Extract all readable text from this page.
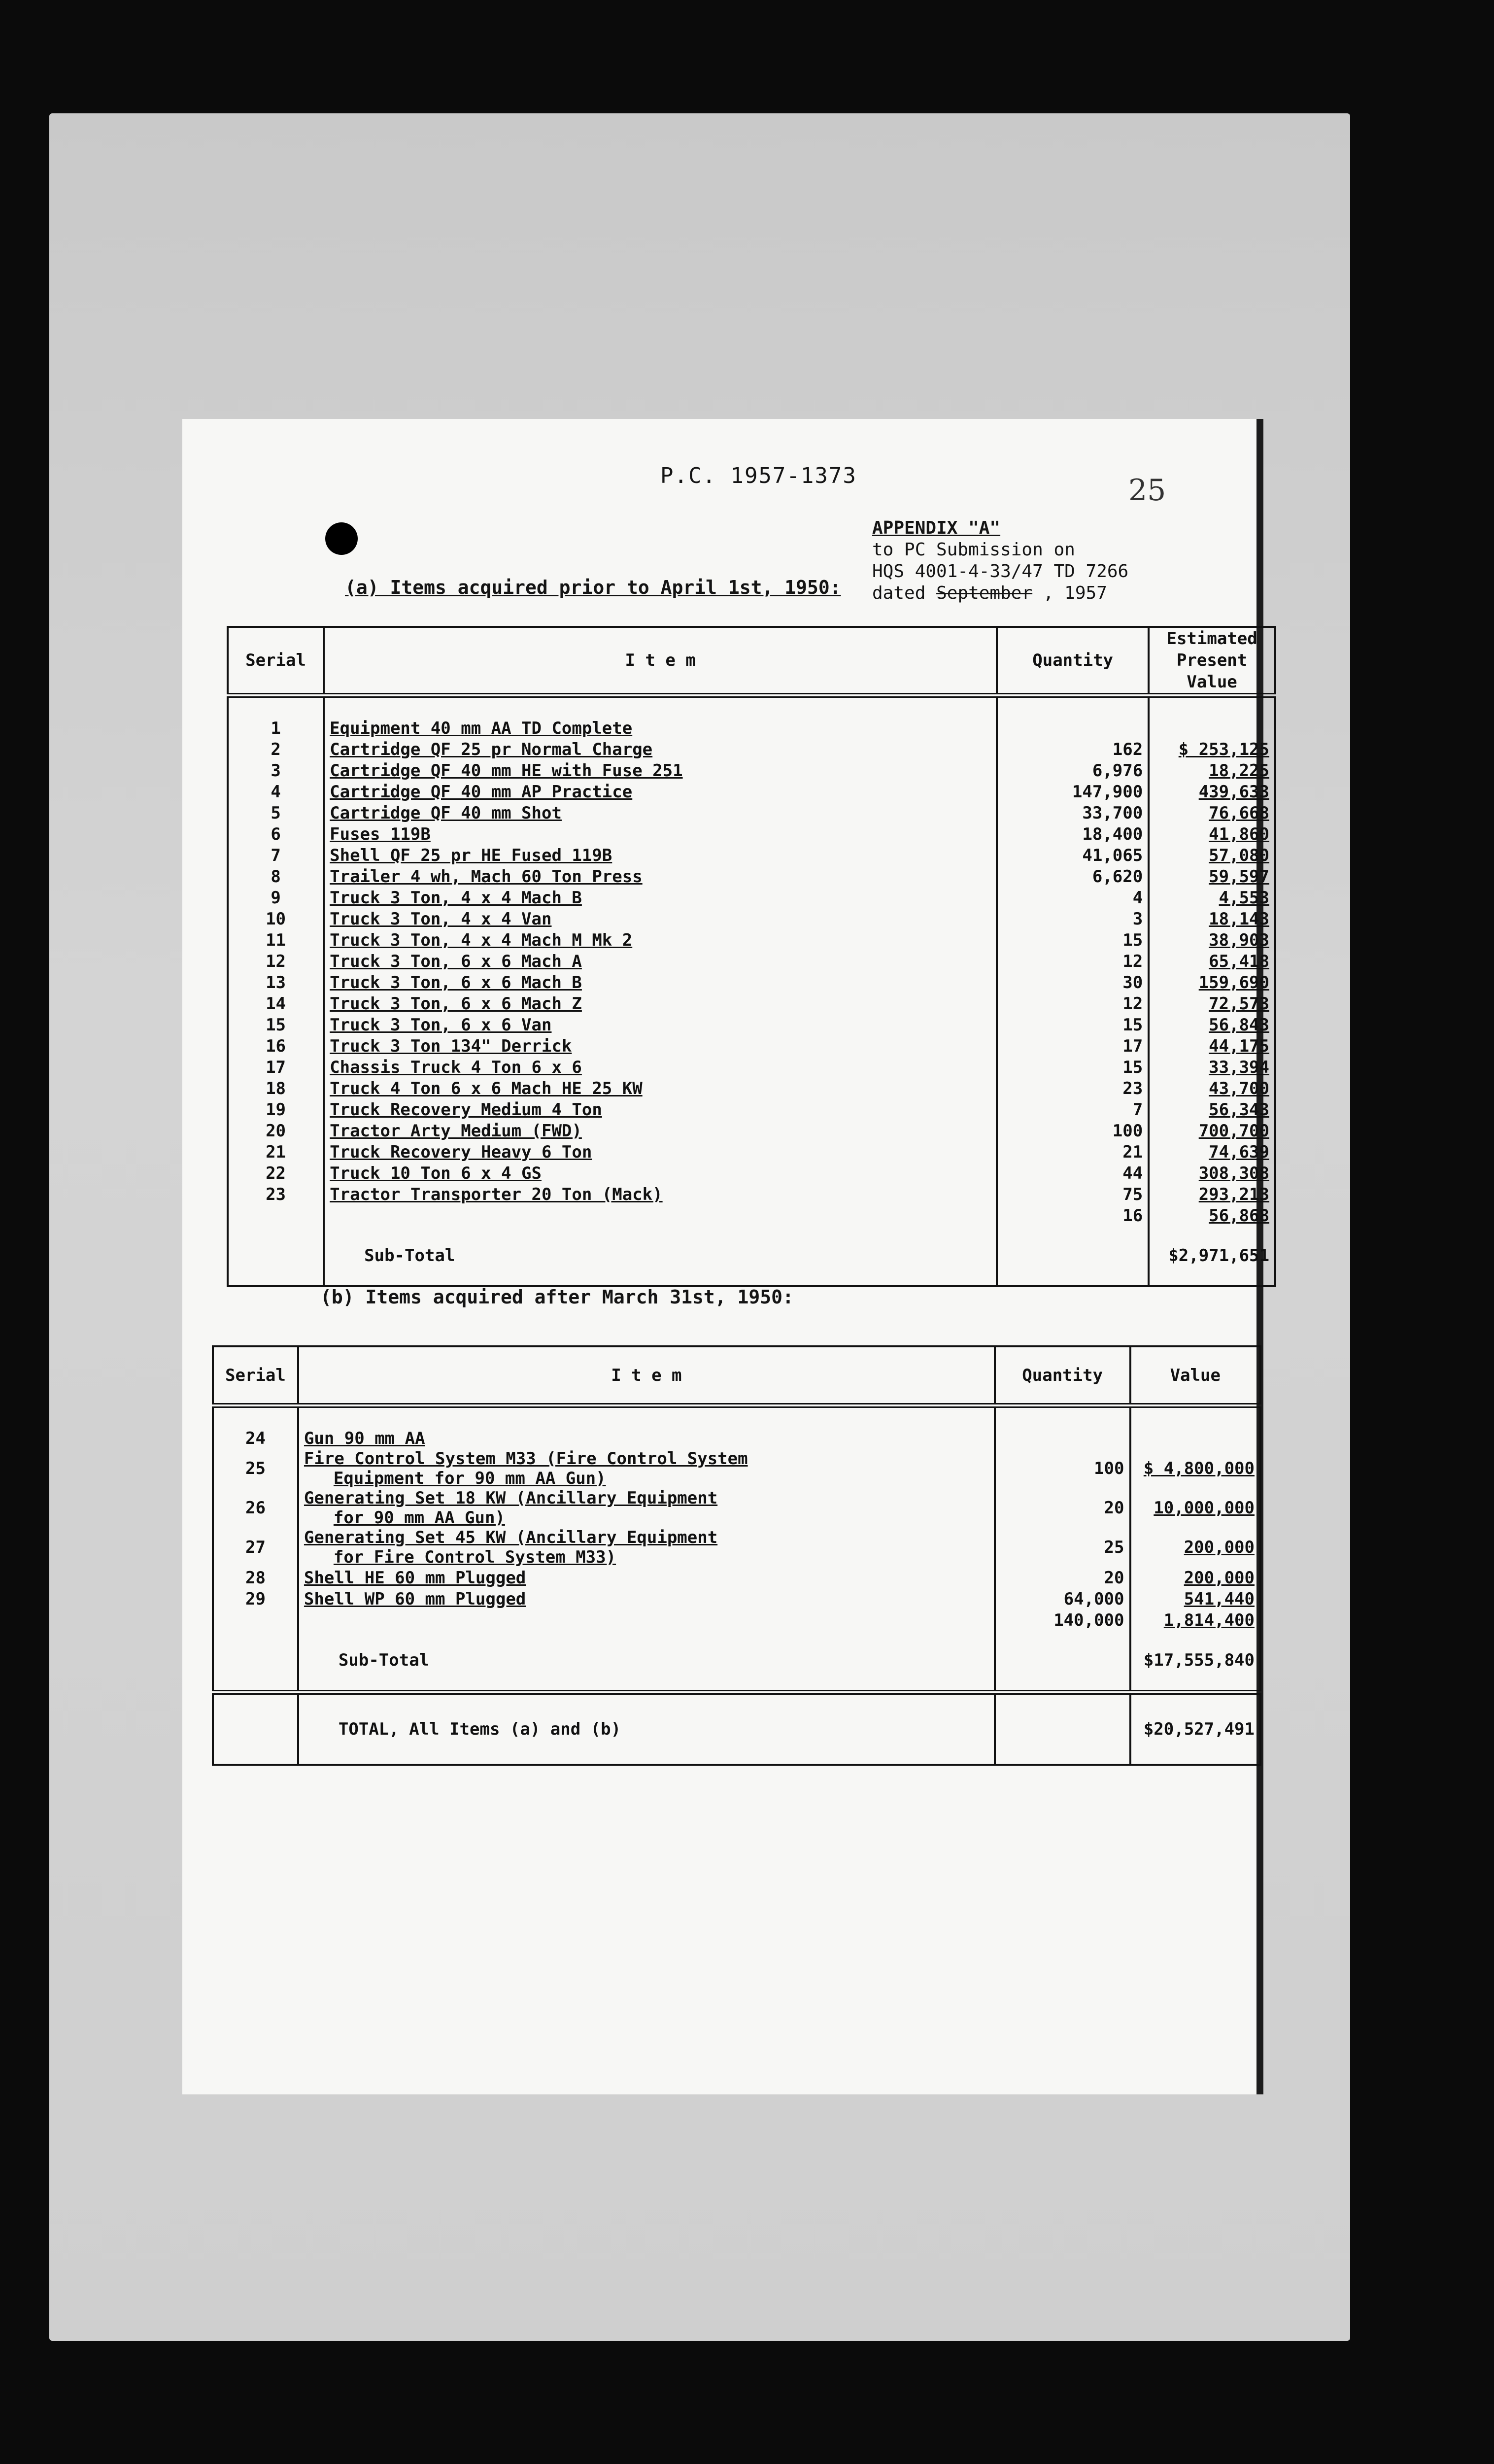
P.C. 1957-1373	25
APPENDIX "A"
to PC Submission on
HQS 4001-4-33/47 TD 7266
dated September , 1957
(a) Items acquired prior to April 1st, 1950:
Serial	I t e m	Quantity	Estimated Present Value

1	Equipment 40 mm AA TD Complete		
2	Cartridge QF 25 pr Normal Charge	162	$ 253,125
3	Cartridge QF 40 mm HE with Fuse 251	6,976	18,225
4	Cartridge QF 40 mm AP Practice	147,900	439,633
5	Cartridge QF 40 mm Shot	33,700	76,668
6	Fuses 119B	18,400	41,860
7	Shell QF 25 pr HE Fused 119B	41,065	57,080
8	Trailer 4 wh, Mach 60 Ton Press	6,620	59,597
9	Truck 3 Ton, 4 x 4 Mach B	4	4,553
10	Truck 3 Ton, 4 x 4 Van	3	18,143
11	Truck 3 Ton, 4 x 4 Mach M Mk 2	15	38,903
12	Truck 3 Ton, 6 x 6 Mach A	12	65,418
13	Truck 3 Ton, 6 x 6 Mach B	30	159,690
14	Truck 3 Ton, 6 x 6 Mach Z	12	72,573
15	Truck 3 Ton, 6 x 6 Van	15	56,843
16	Truck 3 Ton 134" Derrick	17	44,175
17	Chassis Truck 4 Ton 6 x 6	15	33,394
18	Truck 4 Ton 6 x 6 Mach HE 25 KW	23	43,700
19	Truck Recovery Medium 4 Ton	7	56,343
20	Tractor Arty Medium (FWD)	100	700,700
21	Truck Recovery Heavy 6 Ton	21	74,639
22	Truck 10 Ton 6 x 4 GS	44	308,308
23	Tractor Transporter 20 Ton (Mack)	75	293,213
		16	56,868
	Sub-Total		$2,971,651
(b) Items acquired after March 31st, 1950:
Serial	I t e m	Quantity	Value

24	Gun 90 mm AA		

25	Fire Control System M33 (Fire Control System
Equipment for 90 mm AA Gun)	100	$ 4,800,000
26	Generating Set 18 KW (Ancillary Equipment
for 90 mm AA Gun)	20	10,000,000
27	Generating Set 45 KW (Ancillary Equipment
for Fire Control System M33)	25	200,000
28	Shell HE 60 mm Plugged	20	200,000
29	Shell WP 60 mm Plugged	64,000	541,440

	140,000	1,814,400
	Sub-Total		$17,555,840
	TOTAL, All Items (a) and (b)		$20,527,491
